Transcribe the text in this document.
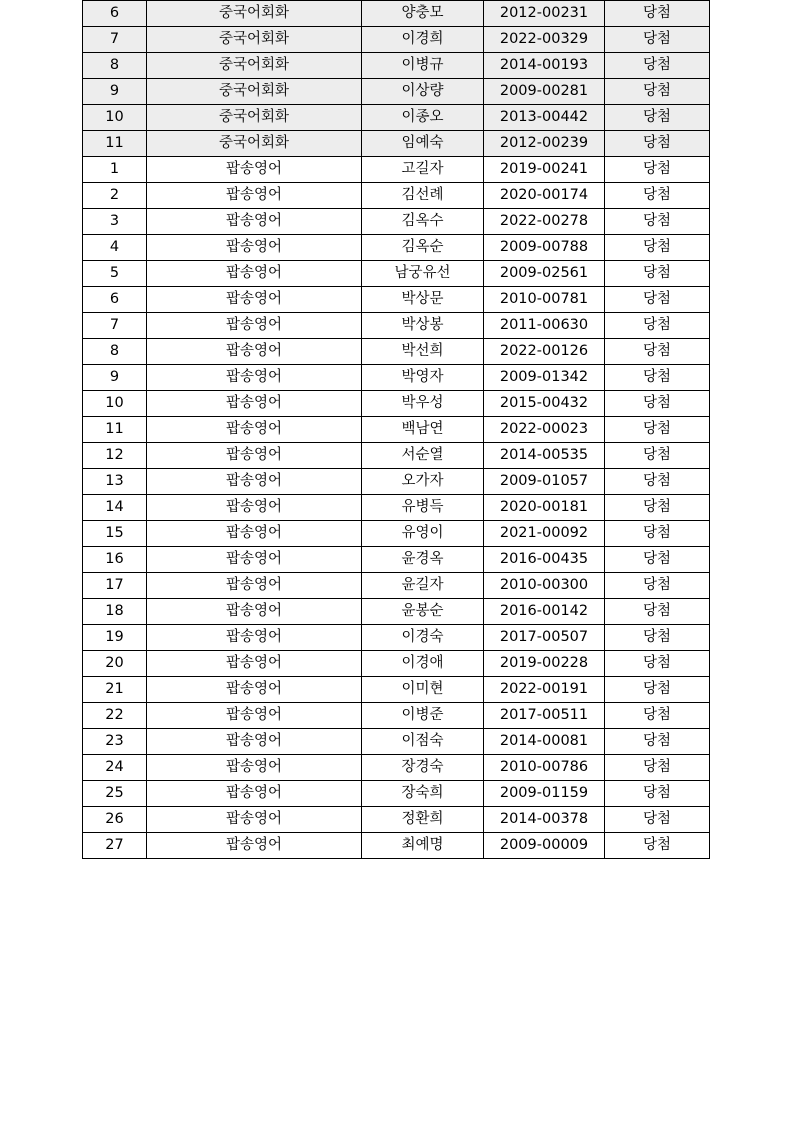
6	중국어회화	양충모	2012-00231	당첨
7	중국어회화	이경희	2022-00329	당첨
8	중국어회화	이병규	2014-00193	당첨
9	중국어회화	이상량	2009-00281	당첨
10	중국어회화	이종오	2013-00442	당첨
11	중국어회화	임예숙	2012-00239	당첨
1	팝송영어	고길자	2019-00241	당첨
2	팝송영어	김선례	2020-00174	당첨
3	팝송영어	김옥수	2022-00278	당첨
4	팝송영어	김옥순	2009-00788	당첨
5	팝송영어	남궁유선	2009-02561	당첨
6	팝송영어	박상문	2010-00781	당첨
7	팝송영어	박상봉	2011-00630	당첨
8	팝송영어	박선희	2022-00126	당첨
9	팝송영어	박영자	2009-01342	당첨
10	팝송영어	박우성	2015-00432	당첨
11	팝송영어	백남연	2022-00023	당첨
12	팝송영어	서순열	2014-00535	당첨
13	팝송영어	오가자	2009-01057	당첨
14	팝송영어	유병득	2020-00181	당첨
15	팝송영어	유영이	2021-00092	당첨
16	팝송영어	윤경옥	2016-00435	당첨
17	팝송영어	윤길자	2010-00300	당첨
18	팝송영어	윤봉순	2016-00142	당첨
19	팝송영어	이경숙	2017-00507	당첨
20	팝송영어	이경애	2019-00228	당첨
21	팝송영어	이미현	2022-00191	당첨
22	팝송영어	이병준	2017-00511	당첨
23	팝송영어	이점숙	2014-00081	당첨
24	팝송영어	장경숙	2010-00786	당첨
25	팝송영어	장숙희	2009-01159	당첨
26	팝송영어	정환희	2014-00378	당첨
27	팝송영어	최예명	2009-00009	당첨
